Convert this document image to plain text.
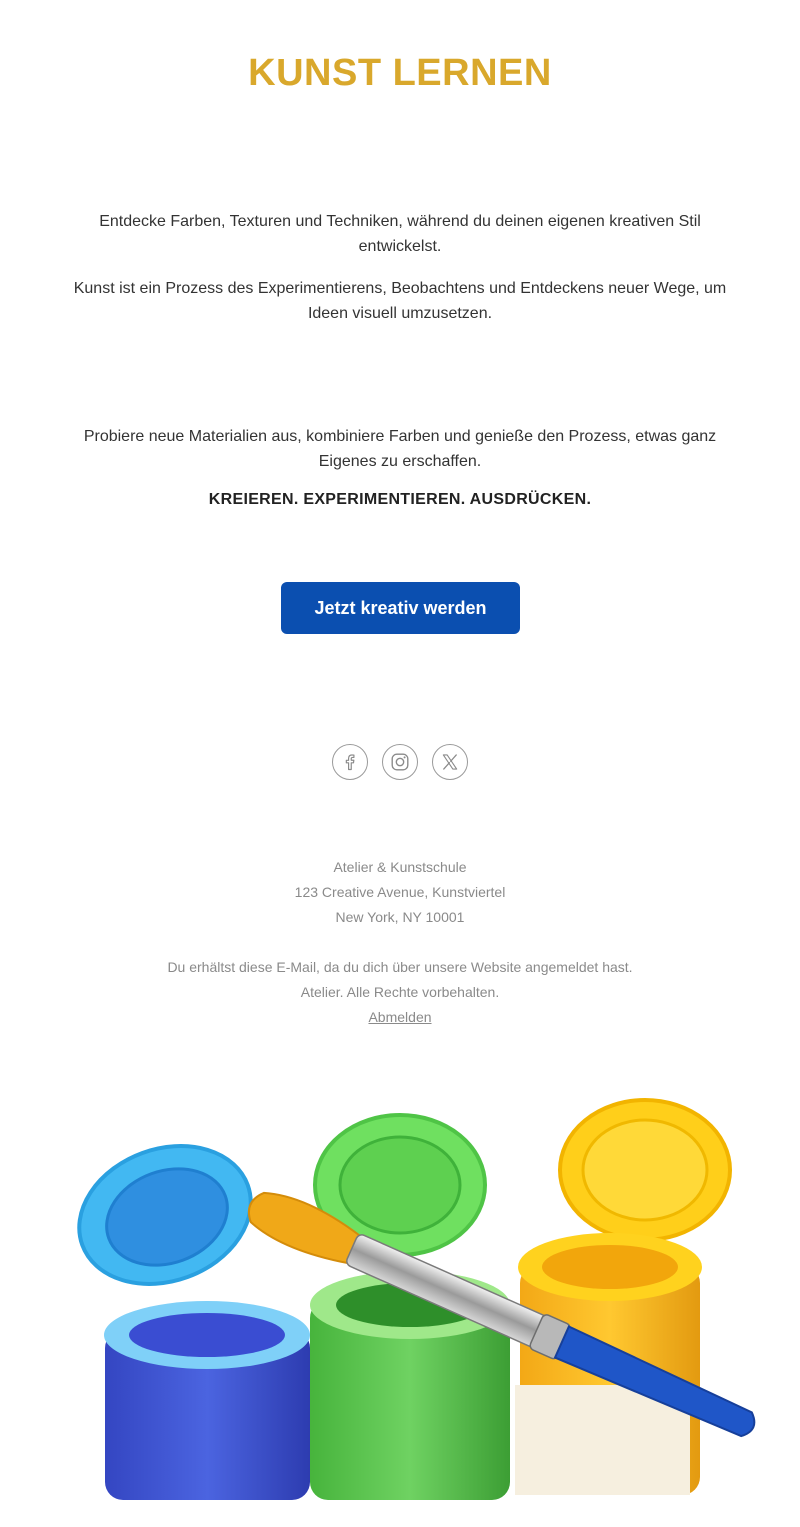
KUNST LERNEN

Entdecke Farben, Texturen und Techniken, während du deinen eigenen kreativen Stil entwickelst.

Kunst ist ein Prozess des Experimentierens, Beobachtens und Entdeckens neuer Wege, um Ideen visuell umzusetzen.

Probiere neue Materialien aus, kombiniere Farben und genieße den Prozess, etwas ganz Eigenes zu erschaffen.

KREIEREN. EXPERIMENTIEREN. AUSDRÜCKEN.

Jetzt kreativ werden

Atelier & Kunstschule

123 Creative Avenue, Kunstviertel

New York, NY 10001

Du erhältst diese E-Mail, da du dich über unsere Website angemeldet hast.

Atelier. Alle Rechte vorbehalten.

Abmelden
